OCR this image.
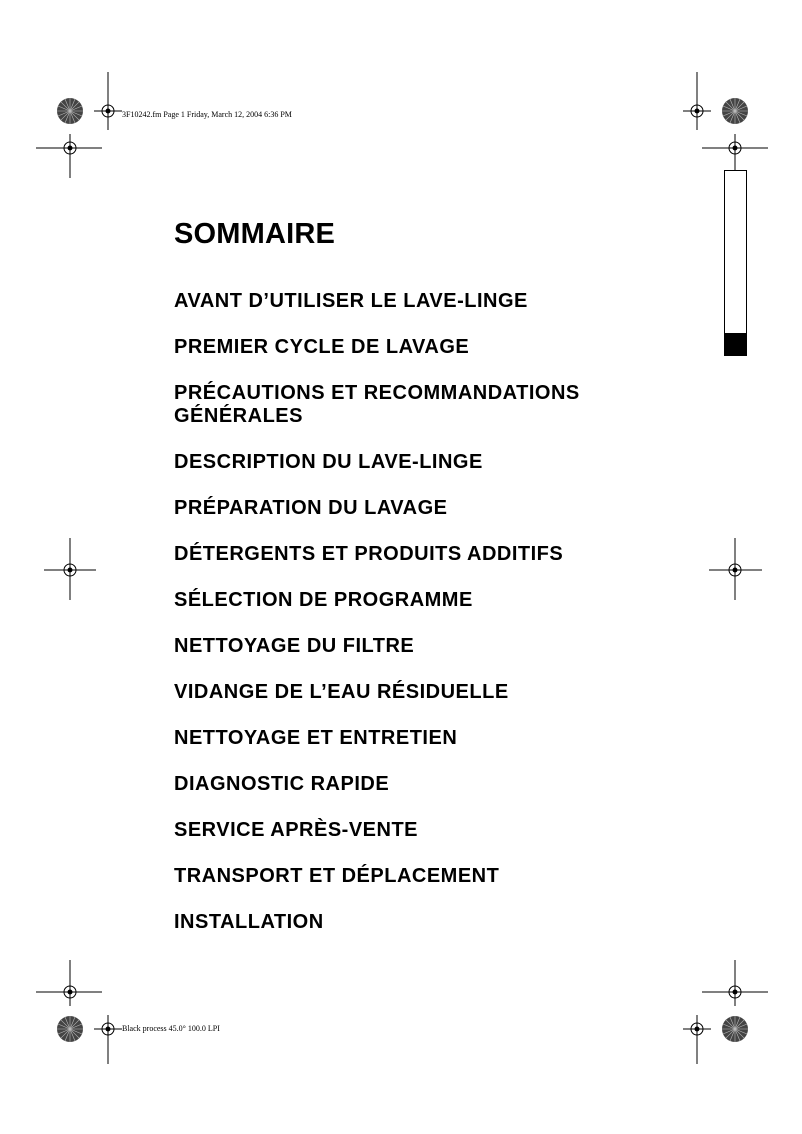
3F10242.fm Page 1 Friday, March 12, 2004 6:36 PM
Black process 45.0° 100.0 LPI
SOMMAIRE
AVANT D’UTILISER LE LAVE-LINGE
PREMIER CYCLE DE LAVAGE
PRÉCAUTIONS ET RECOMMANDATIONS GÉNÉRALES
DESCRIPTION DU LAVE-LINGE
PRÉPARATION DU LAVAGE
DÉTERGENTS ET PRODUITS ADDITIFS
SÉLECTION DE PROGRAMME
NETTOYAGE DU FILTRE
VIDANGE DE L’EAU RÉSIDUELLE
NETTOYAGE ET ENTRETIEN
DIAGNOSTIC RAPIDE
SERVICE APRÈS-VENTE
TRANSPORT ET DÉPLACEMENT
INSTALLATION
